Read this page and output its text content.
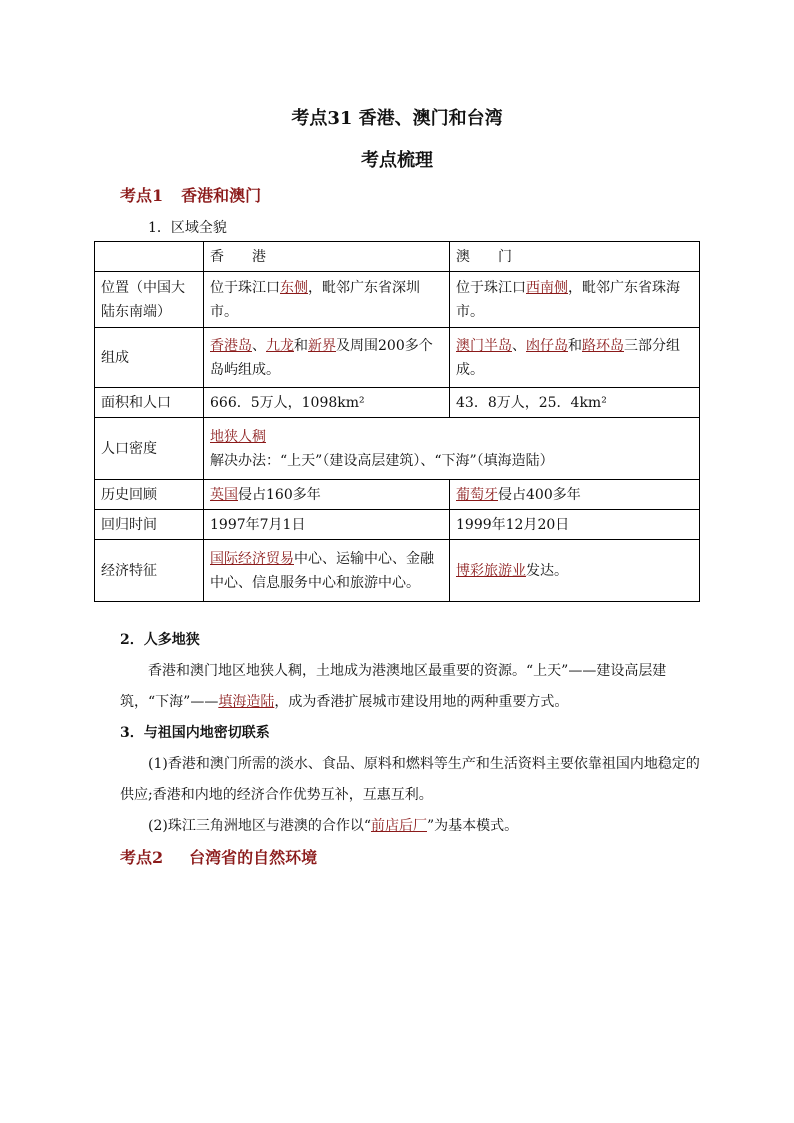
考点31 香港、澳门和台湾
考点梳理
考点1 香港和澳门
1．区域全貌
	香　　港	澳　　门
位置（中国大陆东南端）	位于珠江口东侧，毗邻广东省深圳市。	位于珠江口西南侧，毗邻广东省珠海市。
组成	香港岛、九龙和新界及周围200多个岛屿组成。	澳门半岛、凼仔岛和路环岛三部分组成。
面积和人口	666．5万人，1098km²	43．8万人，25．4km²
人口密度	地狭人稠
解决办法：“上天”（建设高层建筑）、“下海”（填海造陆）	

历史回顾	英国侵占160多年	葡萄牙侵占400多年
回归时间	1997年7月1日	1999年12月20日
经济特征	国际经济贸易中心、运输中心、金融中心、信息服务中心和旅游中心。	博彩旅游业发达。
2．人多地狭
香港和澳门地区地狭人稠，土地成为港澳地区最重要的资源。“上天”——建设高层建筑，“下海”——填海造陆，成为香港扩展城市建设用地的两种重要方式。
3．与祖国内地密切联系
(1)香港和澳门所需的淡水、食品、原料和燃料等生产和生活资料主要依靠祖国内地稳定的供应;香港和内地的经济合作优势互补，互惠互利。
(2)珠江三角洲地区与港澳的合作以“前店后厂”为基本模式。
考点2 台湾省的自然环境
